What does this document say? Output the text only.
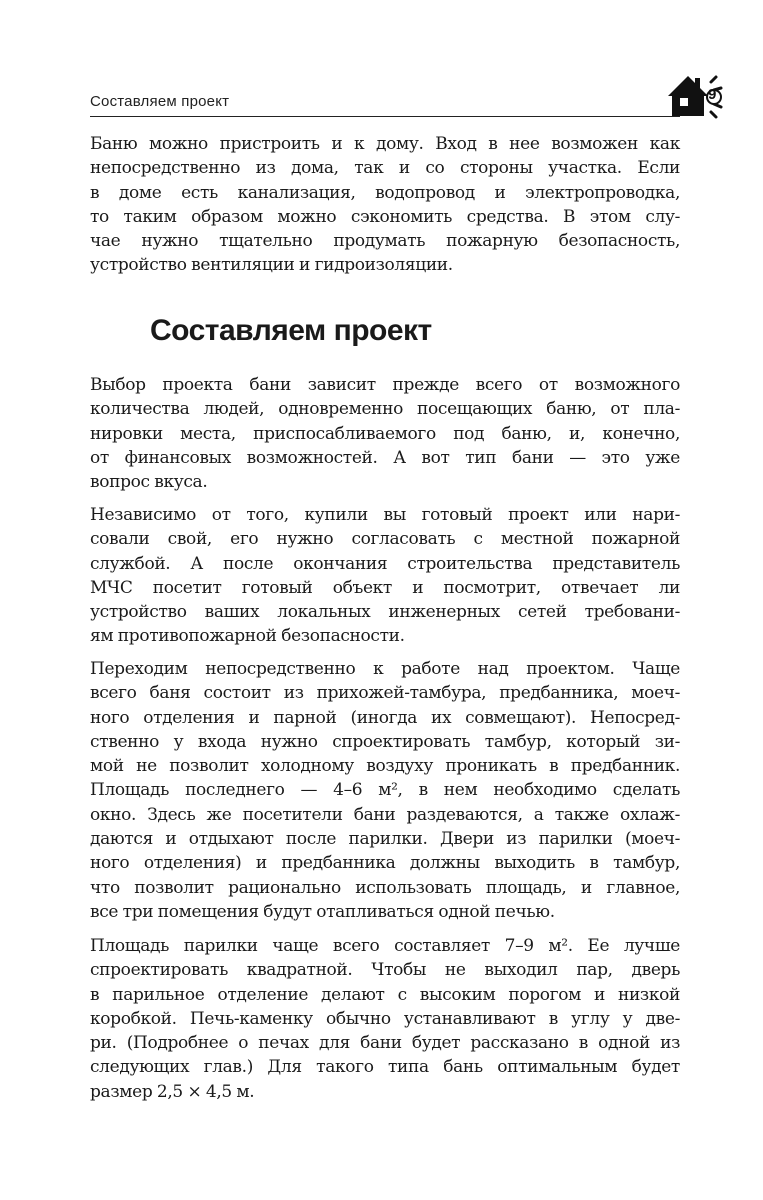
Составляем проект	9
Баню можно пристроить и к дому. Вход в нее возможен как
непосредственно из дома, так и со стороны участка. Если
в доме есть канализация, водопровод и электропроводка,
то таким образом можно сэкономить средства. В этом слу-
чае нужно тщательно продумать пожарную безопасность,
устройство вентиляции и гидроизоляции.
Составляем проект
Выбор проекта бани зависит прежде всего от возможного
количества людей, одновременно посещающих баню, от пла-
нировки места, приспосабливаемого под баню, и, конечно,
от финансовых возможностей. А вот тип бани — это уже
вопрос вкуса.
Независимо от того, купили вы готовый проект или нари-
совали свой, его нужно согласовать с местной пожарной
службой. А после окончания строительства представитель
МЧС посетит готовый объект и посмотрит, отвечает ли
устройство ваших локальных инженерных сетей требовани-
ям противопожарной безопасности.
Переходим непосредственно к работе над проектом. Чаще
всего баня состоит из прихожей-тамбура, предбанника, моеч-
ного отделения и парной (иногда их совмещают). Непосред-
ственно у входа нужно спроектировать тамбур, который зи-
мой не позволит холодному воздуху проникать в предбанник.
Площадь последнего — 4–6 м², в нем необходимо сделать
окно. Здесь же посетители бани раздеваются, а также охлаж-
даются и отдыхают после парилки. Двери из парилки (моеч-
ного отделения) и предбанника должны выходить в тамбур,
что позволит рационально использовать площадь, и главное,
все три помещения будут отапливаться одной печью.
Площадь парилки чаще всего составляет 7–9 м². Ее лучше
спроектировать квадратной. Чтобы не выходил пар, дверь
в парильное отделение делают с высоким порогом и низкой
коробкой. Печь-каменку обычно устанавливают в углу у две-
ри. (Подробнее о печах для бани будет рассказано в одной из
следующих глав.) Для такого типа бань оптимальным будет
размер 2,5 × 4,5 м.
